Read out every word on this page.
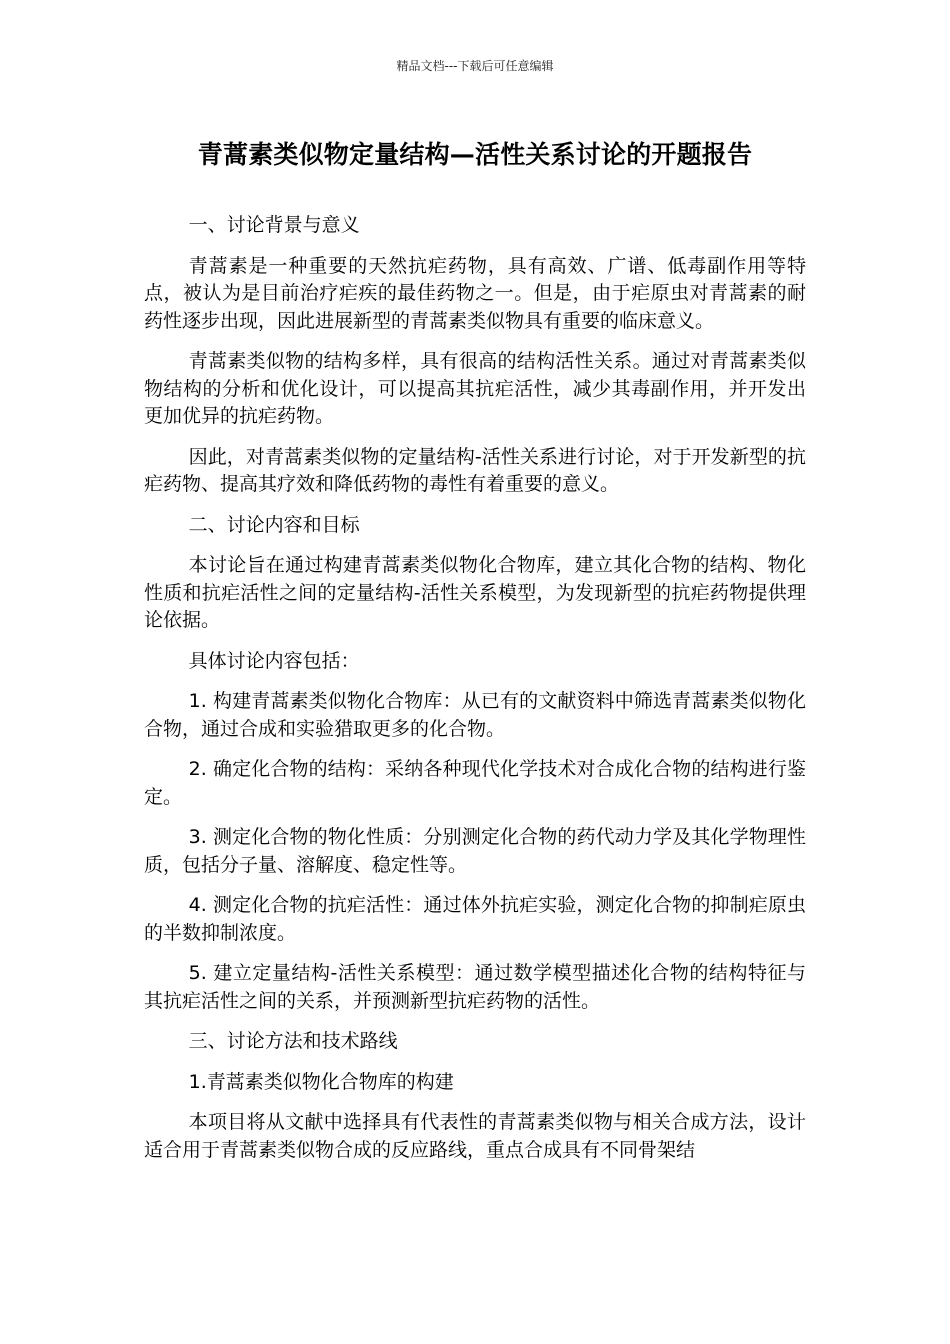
精品文档---下载后可任意编辑
青蒿素类似物定量结构—活性关系讨论的开题报告

一、讨论背景与意义

青蒿素是一种重要的天然抗疟药物，具有高效、广谱、低毒副作用等特点，被认为是目前治疗疟疾的最佳药物之一。但是，由于疟原虫对青蒿素的耐药性逐步出现，因此进展新型的青蒿素类似物具有重要的临床意义。

青蒿素类似物的结构多样，具有很高的结构活性关系。通过对青蒿素类似物结构的分析和优化设计，可以提高其抗疟活性，减少其毒副作用，并开发出更加优异的抗疟药物。

因此，对青蒿素类似物的定量结构-活性关系进行讨论，对于开发新型的抗疟药物、提高其疗效和降低药物的毒性有着重要的意义。

二、讨论内容和目标

本讨论旨在通过构建青蒿素类似物化合物库，建立其化合物的结构、物化性质和抗疟活性之间的定量结构-活性关系模型，为发现新型的抗疟药物提供理论依据。

具体讨论内容包括：

1. 构建青蒿素类似物化合物库：从已有的文献资料中筛选青蒿素类似物化合物，通过合成和实验猎取更多的化合物。

2. 确定化合物的结构：采纳各种现代化学技术对合成化合物的结构进行鉴定。

3. 测定化合物的物化性质：分别测定化合物的药代动力学及其化学物理性质，包括分子量、溶解度、稳定性等。

4. 测定化合物的抗疟活性：通过体外抗疟实验，测定化合物的抑制疟原虫的半数抑制浓度。

5. 建立定量结构-活性关系模型：通过数学模型描述化合物的结构特征与其抗疟活性之间的关系，并预测新型抗疟药物的活性。

三、讨论方法和技术路线

1.青蒿素类似物化合物库的构建

本项目将从文献中选择具有代表性的青蒿素类似物与相关合成方法，设计适合用于青蒿素类似物合成的反应路线，重点合成具有不同骨架结
